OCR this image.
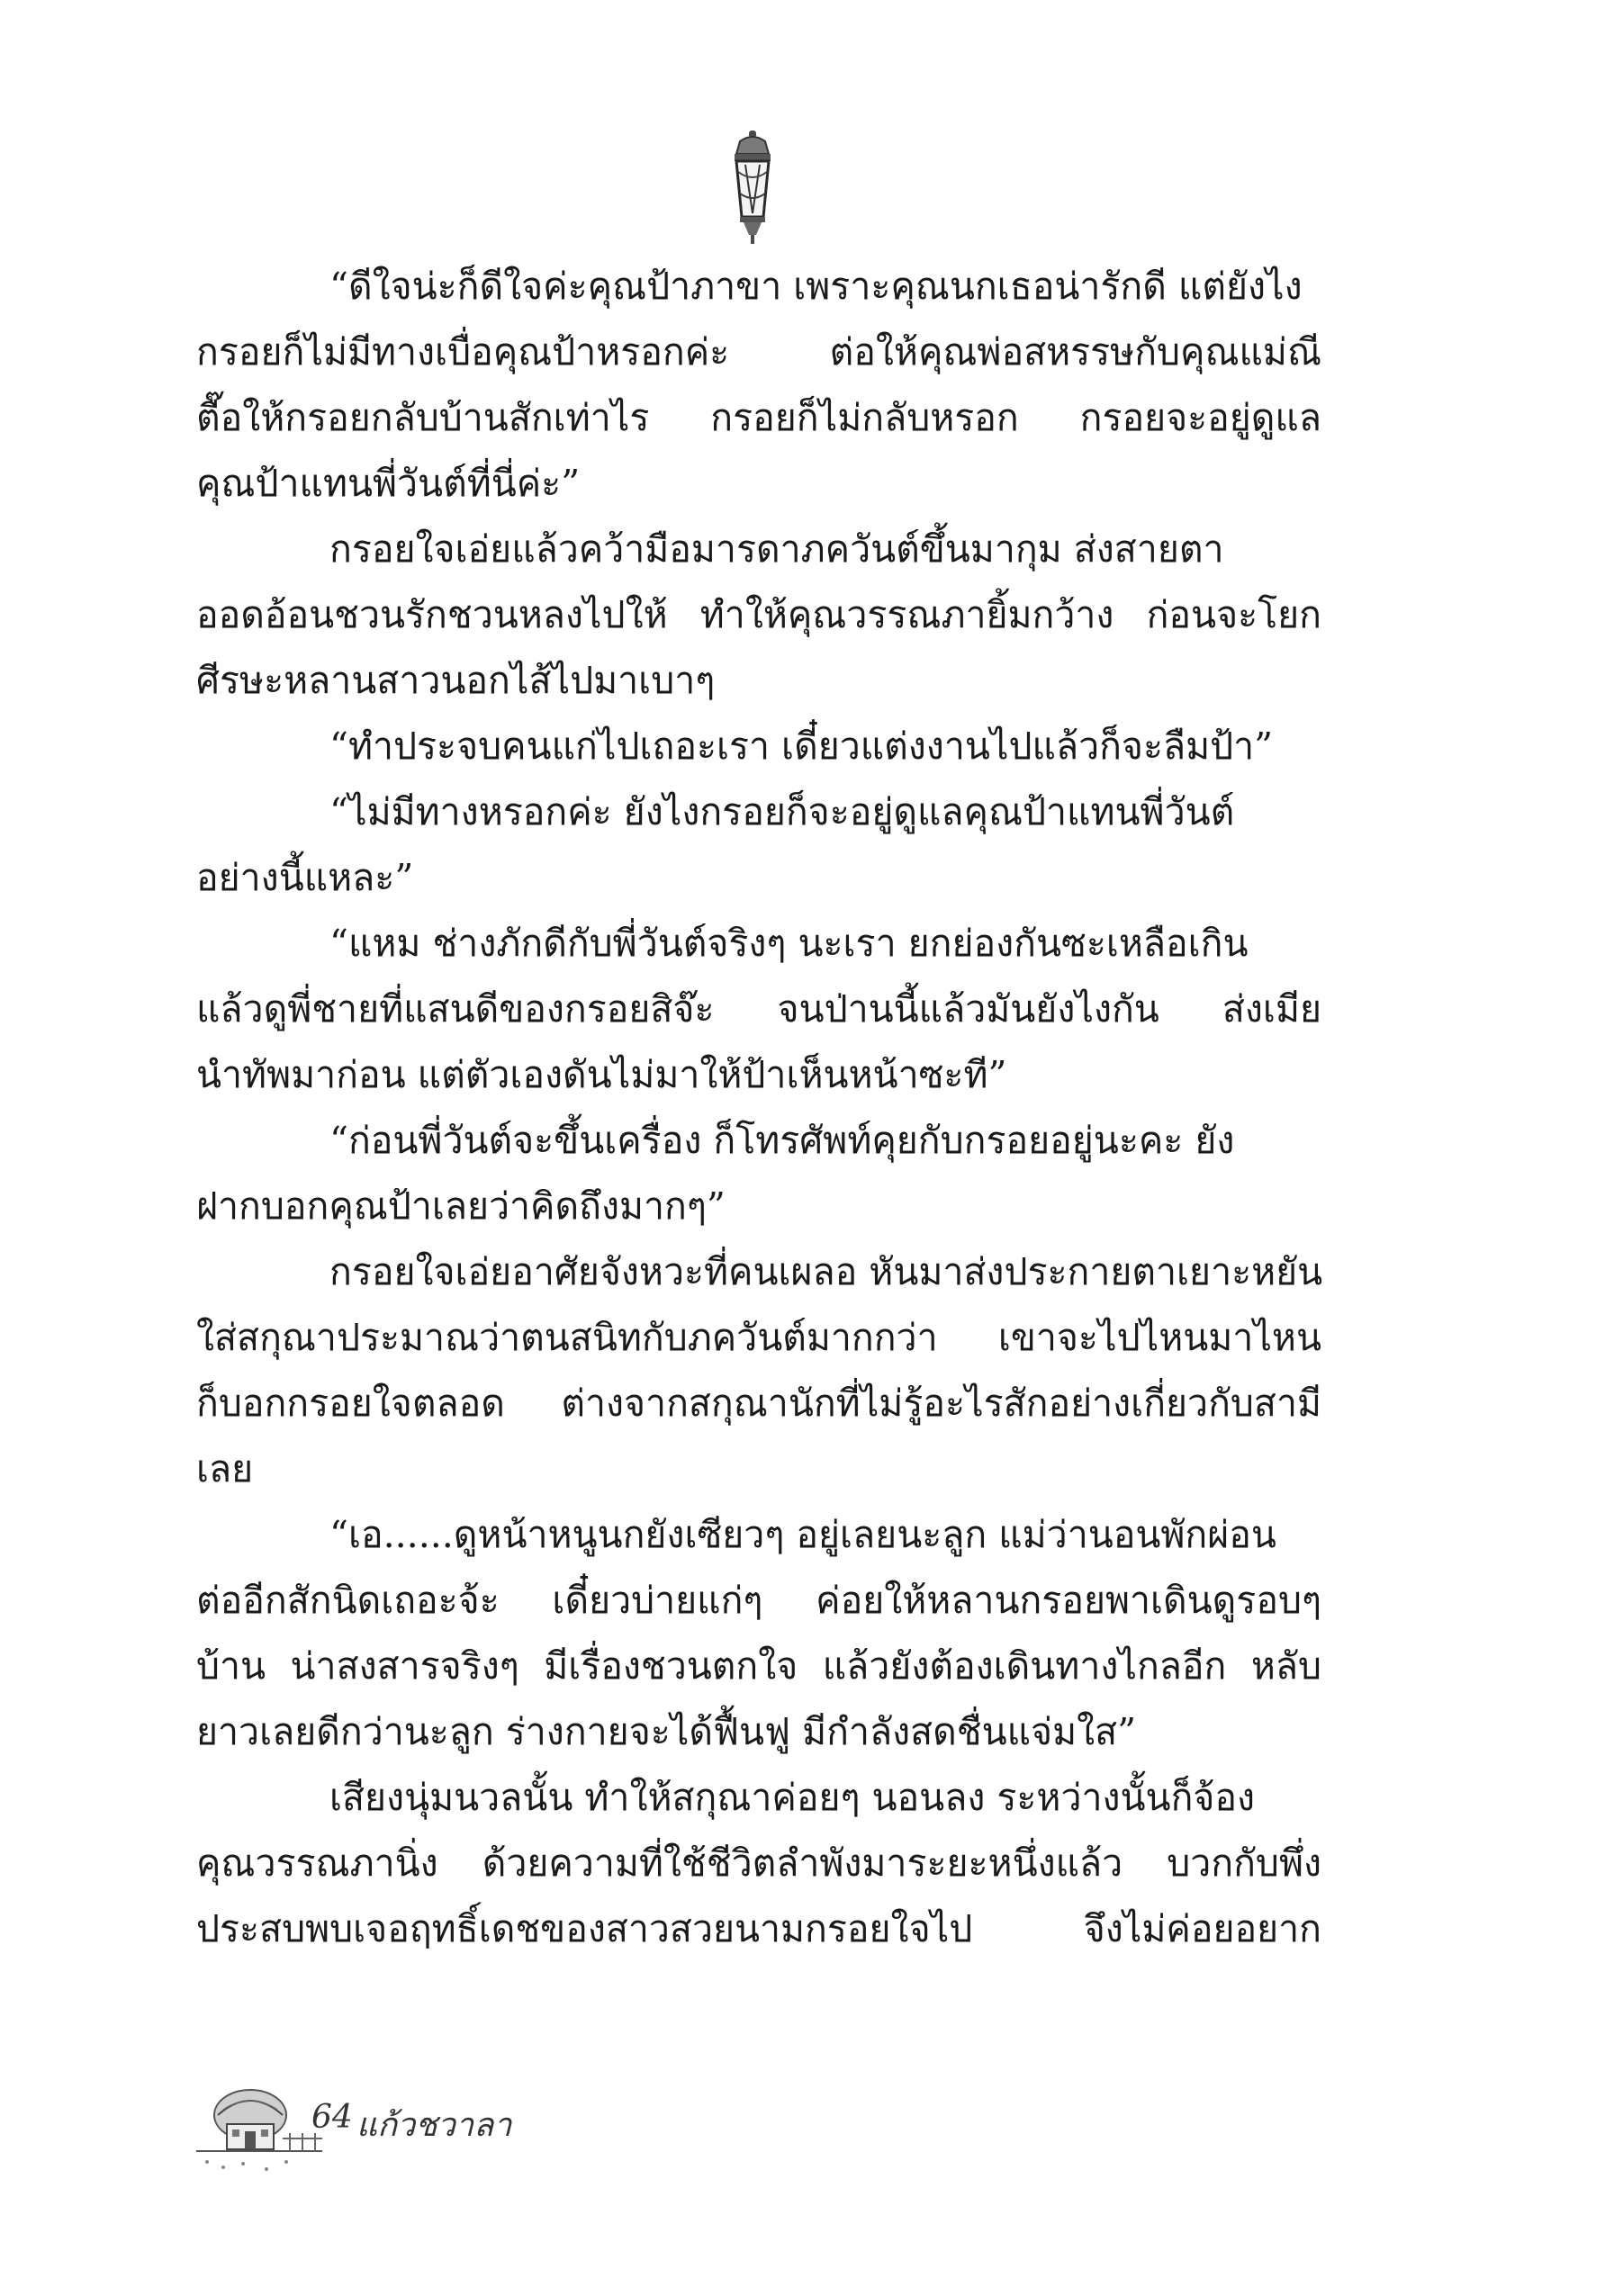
“ดีใจน่ะก็ดีใจค่ะคุณป้าภาขา เพราะคุณนกเธอน่ารักดี แต่ยังไง
กรอยก็ไม่มีทางเบื่อคุณป้าหรอกค่ะ ต่อให้คุณพ่อสหรรษกับคุณแม่ณี
ตื๊อให้กรอยกลับบ้านสักเท่าไร กรอยก็ไม่กลับหรอก กรอยจะอยู่ดูแล
คุณป้าแทนพี่วันต์ที่นี่ค่ะ”
กรอยใจเอ่ยแล้วคว้ามือมารดาภควันต์ขึ้นมากุม ส่งสายตา
ออดอ้อนชวนรักชวนหลงไปให้ ทำให้คุณวรรณภายิ้มกว้าง ก่อนจะโยก
ศีรษะหลานสาวนอกไส้ไปมาเบาๆ
“ทำประจบคนแก่ไปเถอะเรา เดี๋ยวแต่งงานไปแล้วก็จะลืมป้า”
“ไม่มีทางหรอกค่ะ ยังไงกรอยก็จะอยู่ดูแลคุณป้าแทนพี่วันต์
อย่างนี้แหละ”
“แหม ช่างภักดีกับพี่วันต์จริงๆ นะเรา ยกย่องกันซะเหลือเกิน
แล้วดูพี่ชายที่แสนดีของกรอยสิจ๊ะ จนป่านนี้แล้วมันยังไงกัน ส่งเมีย
นำทัพมาก่อน แต่ตัวเองดันไม่มาให้ป้าเห็นหน้าซะที”
“ก่อนพี่วันต์จะขึ้นเครื่อง ก็โทรศัพท์คุยกับกรอยอยู่นะคะ ยัง
ฝากบอกคุณป้าเลยว่าคิดถึงมากๆ”
กรอยใจเอ่ยอาศัยจังหวะที่คนเผลอ หันมาส่งประกายตาเยาะหยัน
ใส่สกุณาประมาณว่าตนสนิทกับภควันต์มากกว่า เขาจะไปไหนมาไหน
ก็บอกกรอยใจตลอด ต่างจากสกุณานักที่ไม่รู้อะไรสักอย่างเกี่ยวกับสามี
เลย
“เอ......ดูหน้าหนูนกยังเซียวๆ อยู่เลยนะลูก แม่ว่านอนพักผ่อน
ต่ออีกสักนิดเถอะจ้ะ เดี๋ยวบ่ายแก่ๆ ค่อยให้หลานกรอยพาเดินดูรอบๆ
บ้าน น่าสงสารจริงๆ มีเรื่องชวนตกใจ แล้วยังต้องเดินทางไกลอีก หลับ
ยาวเลยดีกว่านะลูก ร่างกายจะได้ฟื้นฟู มีกำลังสดชื่นแจ่มใส”
เสียงนุ่มนวลนั้น ทำให้สกุณาค่อยๆ นอนลง ระหว่างนั้นก็จ้อง
คุณวรรณภานิ่ง ด้วยความที่ใช้ชีวิตลำพังมาระยะหนึ่งแล้ว บวกกับพึ่ง
ประสบพบเจอฤทธิ์เดชของสาวสวยนามกรอยใจไป จึงไม่ค่อยอยาก
64 แก้วชวาลา
